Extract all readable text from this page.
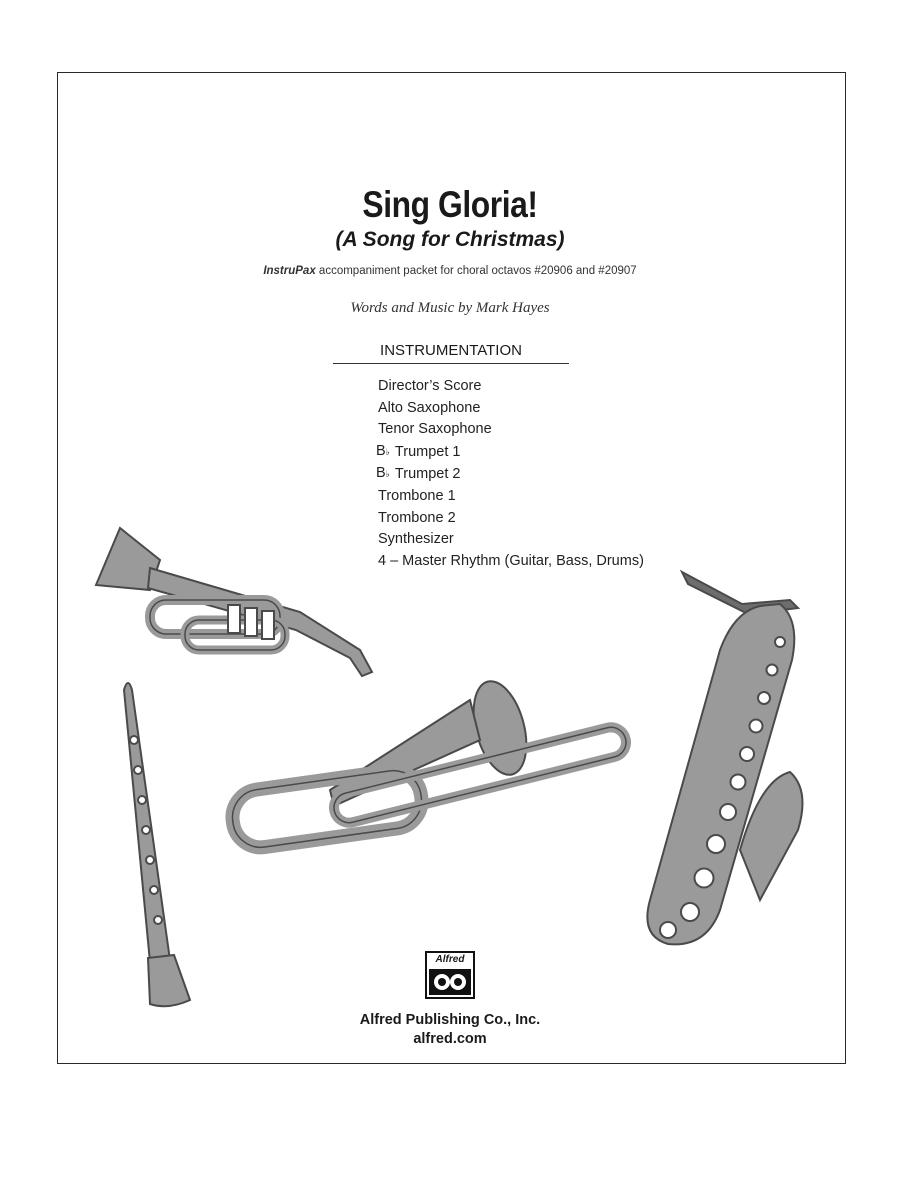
Sing Gloria!
(A Song for Christmas)
InstruPax accompaniment packet for choral octavos #20906 and #20907
Words and Music by Mark Hayes
INSTRUMENTATION
Director’s Score
Alto Saxophone
Tenor Saxophone
B♭ Trumpet 1
B♭ Trumpet 2
Trombone 1
Trombone 2
Synthesizer
4 – Master Rhythm (Guitar, Bass, Drums)
Alfred
Alfred Publishing Co., Inc.
alfred.com
